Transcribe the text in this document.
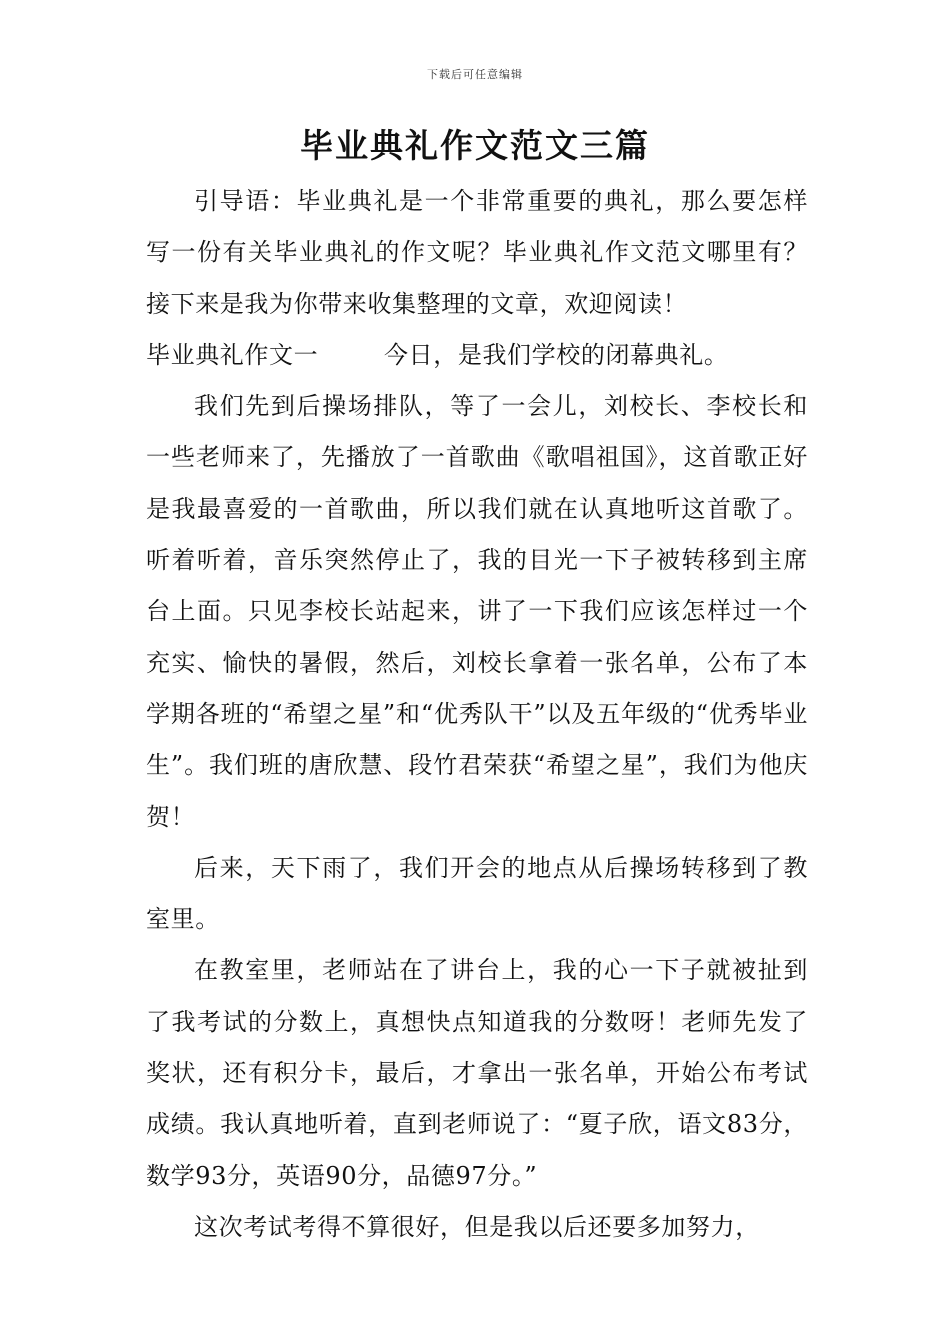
下载后可任意编辑
毕业典礼作文范文三篇

引导语：毕业典礼是一个非常重要的典礼，那么要怎样写一份有关毕业典礼的作文呢？毕业典礼作文范文哪里有？接下来是我为你带来收集整理的文章，欢迎阅读！

毕业典礼作文一	今日，是我们学校的闭幕典礼。

我们先到后操场排队，等了一会儿，刘校长、李校长和一些老师来了，先播放了一首歌曲《歌唱祖国》，这首歌正好是我最喜爱的一首歌曲，所以我们就在认真地听这首歌了。听着听着，音乐突然停止了，我的目光一下子被转移到主席台上面。只见李校长站起来，讲了一下我们应该怎样过一个充实、愉快的暑假，然后，刘校长拿着一张名单，公布了本学期各班的“希望之星”和“优秀队干”以及五年级的“优秀毕业生”。我们班的唐欣慧、段竹君荣获“希望之星”，我们为他庆贺！

后来，天下雨了，我们开会的地点从后操场转移到了教室里。

在教室里，老师站在了讲台上，我的心一下子就被扯到了我考试的分数上，真想快点知道我的分数呀！老师先发了奖状，还有积分卡，最后，才拿出一张名单，开始公布考试成绩。我认真地听着，直到老师说了：“夏子欣，语文83分，数学93分，英语90分，品德97分。”

这次考试考得不算很好，但是我以后还要多加努力，
